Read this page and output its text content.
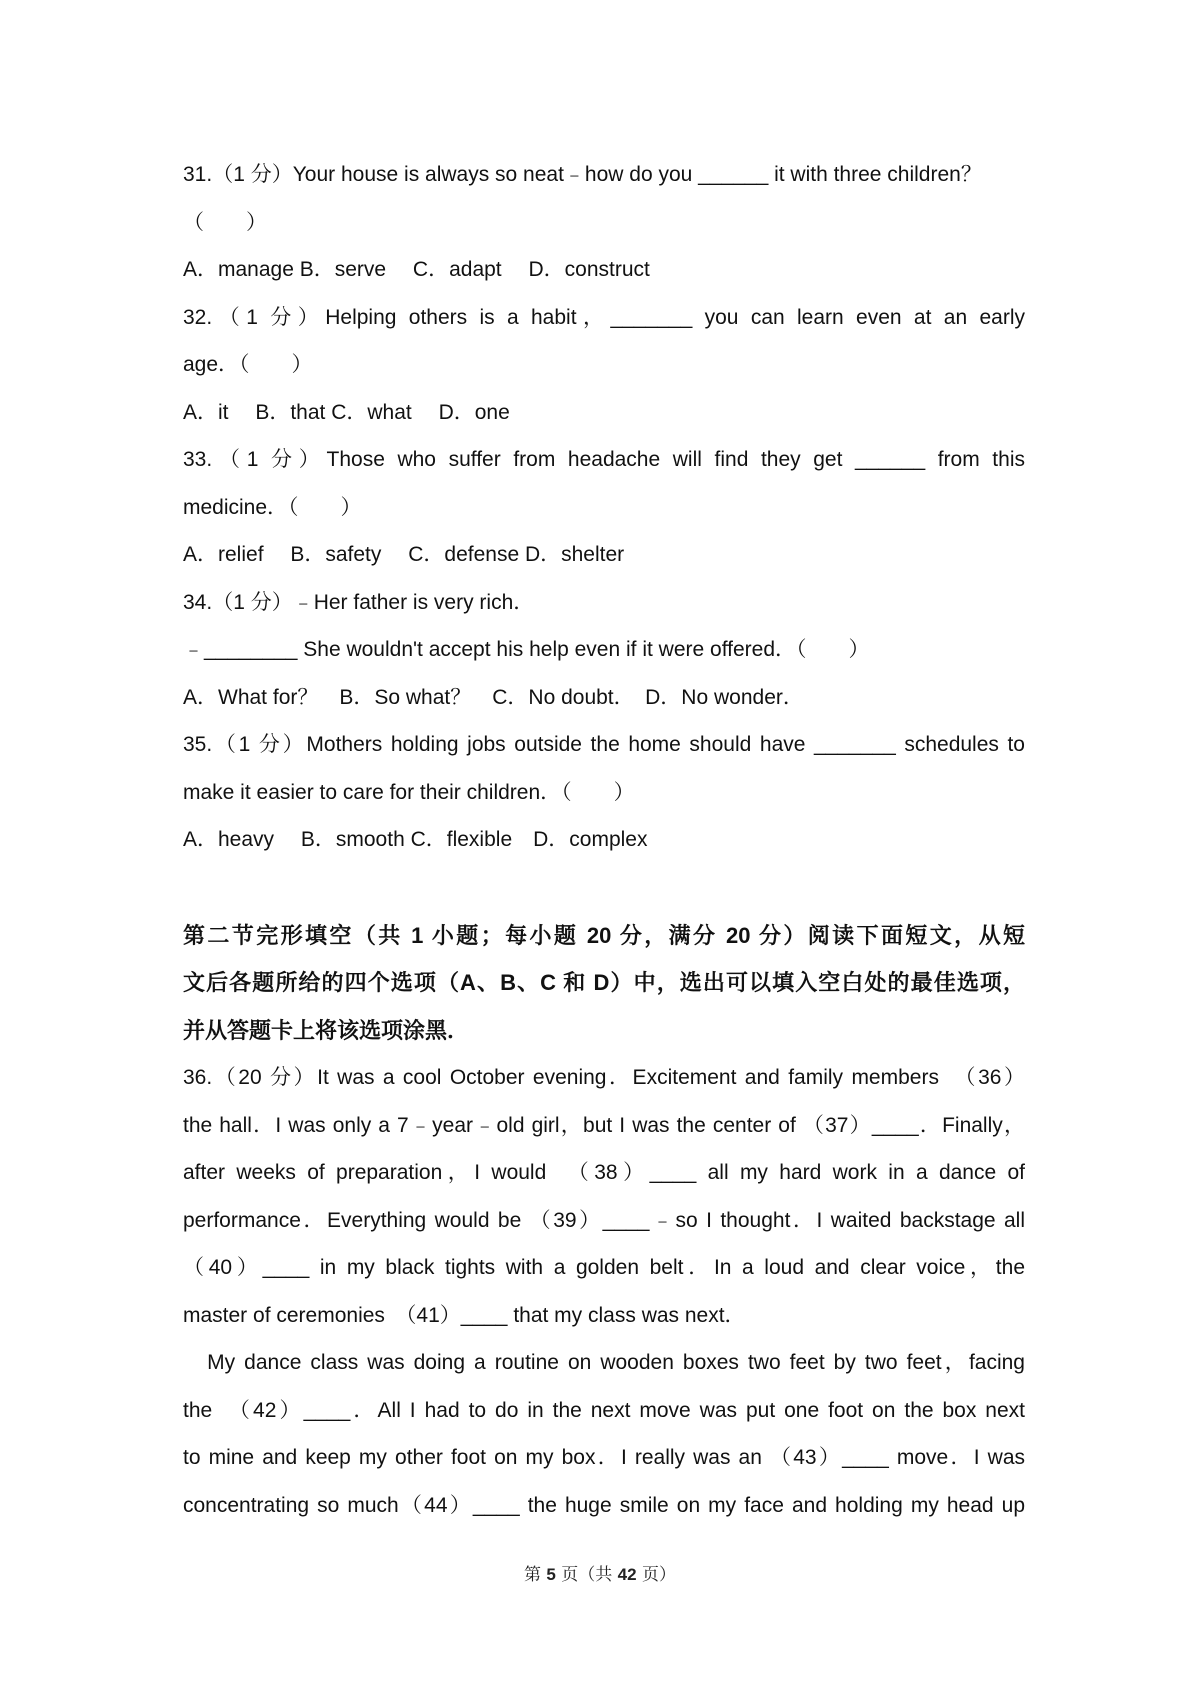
31.（1 分）Your house is always so neat﹣how do you ______ it with three children？
（　　）
A．manage B．serve　 C．adapt　 D．construct
32.（1 分）Helping others is a habit，_______ you can learn even at an early
age．（　　）
A．it　 B．that C．what　 D．one
33.（1 分）Those who suffer from headache will find they get ______ from this
medicine．（　　）
A．relief　 B．safety　 C．defense D．shelter
34.（1 分）﹣Her father is very rich．
﹣________ She wouldn't accept his help even if it were offered．（　　）
A．What for？　B．So what？　C．No doubt．　D．No wonder．
35.（1 分）Mothers holding jobs outside the home should have _______ schedules to
make it easier to care for their children．（　　）
A．heavy　 B．smooth C．flexible　D．complex
第二节完形填空（共 1 小题；每小题 20 分，满分 20 分）阅读下面短文，从短
文后各题所给的四个选项（A、B、C 和 D）中，选出可以填入空白处的最佳选项，
并从答题卡上将该选项涂黑．
36.（20 分）It was a cool October evening．Excitement and family members　（36）
the hall．I was only a 7﹣year﹣old girl，but I was the center of （37）____．Finally，
after weeks of preparation，I would　（38）____ all my hard work in a dance of
performance．Everything would be （39）____﹣so I thought．I waited backstage all
（40）____ in my black tights with a golden belt．In a loud and clear voice，the
master of ceremonies　（41）____ that my class was next．
　My dance class was doing a routine on wooden boxes two feet by two feet，facing
the　（42）____．All I had to do in the next move was put one foot on the box next
to mine and keep my other foot on my box．I really was an （43）____ move．I was
concentrating so much（44）____ the huge smile on my face and holding my head up
第 5 页（共 42 页）
